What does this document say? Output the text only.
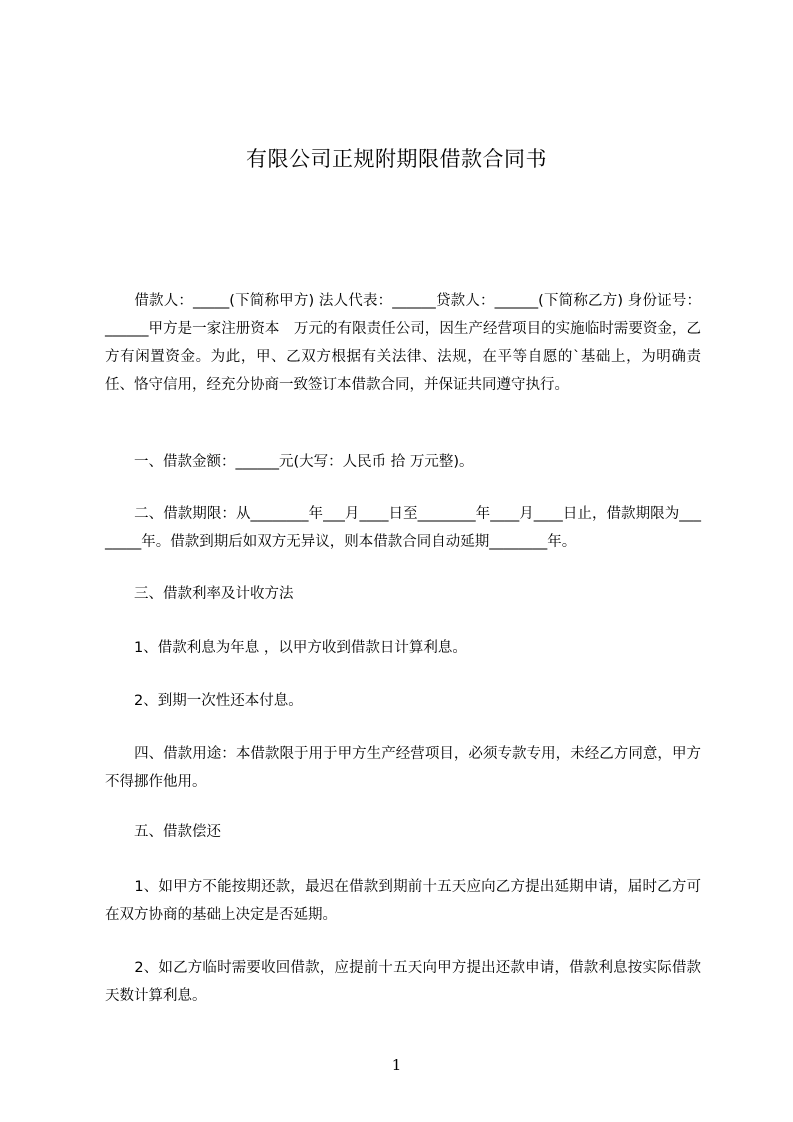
有限公司正规附期限借款合同书
　　借款人：_____(下简称甲方) 法人代表：______贷款人：______(下简称乙方) 身份证号：______甲方是一家注册资本　万元的有限责任公司，因生产经营项目的实施临时需要资金，乙方有闲置资金。为此，甲、乙双方根据有关法律、法规，在平等自愿的`基础上，为明确责任、恪守信用，经充分协商一致签订本借款合同，并保证共同遵守执行。
　　一、借款金额：______元(大写：人民币 拾 万元整)。
　　二、借款期限：从________年___月____日至________年____月____日止，借款期限为________年。借款到期后如双方无异议，则本借款合同自动延期________年。
　　三、借款利率及计收方法
　　1、借款利息为年息 ，以甲方收到借款日计算利息。
　　2、到期一次性还本付息。
　　四、借款用途：本借款限于用于甲方生产经营项目，必须专款专用，未经乙方同意，甲方不得挪作他用。
　　五、借款偿还
　　1、如甲方不能按期还款，最迟在借款到期前十五天应向乙方提出延期申请，届时乙方可在双方协商的基础上决定是否延期。
　　2、如乙方临时需要收回借款，应提前十五天向甲方提出还款申请，借款利息按实际借款天数计算利息。
1
